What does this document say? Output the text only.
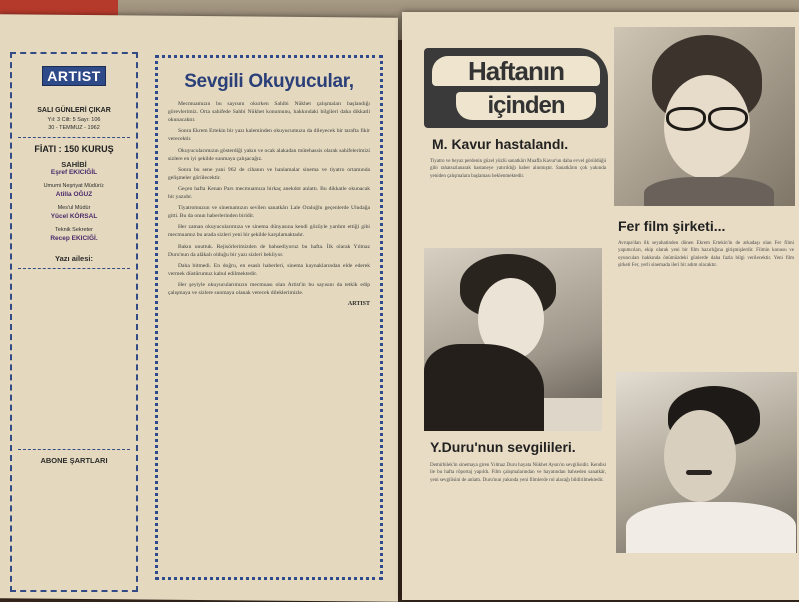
ARTIST

SALI GÜNLERİ ÇIKAR
Yıl: 3 Cilt: 5 Sayı: 106
30 - TEMMUZ - 1962
FİATI : 150 KURUŞ
SAHİBİ
Eşref EKICIĞİL
Umumi Neşriyat Müdürü:
Atilla OĞUZ
Mes'ul Müdür
Yücel KÖRSAL
Teknik Sekreter
Recep EKICIĞİ.
Yazı ailesi:
ABONE ŞARTLARI
Sevgili Okuyucular,

Mecmuamızın bu sayısını okurken Sahibi Nükhet çalışmaları başlandığı görevlerimiz. Orta sahifede Sahbi Nükhet konumunu, hakkındaki bilgileri daha dikkatli okunacaktır.

Sonra Ekrem Ertekin bir yazı kaleminden okuyucumuzu da dileyecek bir tarafta fikir verecektir.

Okuyucularımızın gösterdiği yakın ve ocak alakadan mütehassis olarak sahifelerimizi sizlere en iyi şekilde sunmaya çalışacağız.

Sonra bu sene yani 962 de cihanın ve hanlamalar sinema ve tiyatro ortamında gelişmeler görülecektir.

Geçen hafta Kenan Pars mecmuamıza birkaç anekdot anlattı. Bu dikkatle okunacak bir yazıdır.

Tiyatromuzun ve sinemamızın sevilen sanatkârı Lale Oraloğlu geçenlerde Uludağa gitti. Bu da onun haberlerinden biridir.

Her zaman okuyucularımıza ve sinema dünyasına kendi gözüyle yardım ettiği gibi mecmuamız bu arada sizleri yeni bir şekilde karşılamaktadır.

Bakın unuttuk. Rejisörlerimizden de bahsediyoruz bu hafta. İlk olarak Yılmaz Duru'nun da alâkalı olduğu bir yazı sizleri bekliyor.

Daha bitmedi. En doğru, en esaslı haberleri, sinema kaynaklarından elde ederek vermek düstûrumuz kabul edilmektedir.

Her şeyiyle okuyucularımızın mecmuası olan Artist'in bu sayısını da tetkik edip çalışmaya ve sizlere sunmaya olanak verecek dileklerimizle.

ARTIST
Haftanın
içinden
M. Kavur hastalandı.
Tiyatro ve beyaz perdenin güzel yüzlü sanatkârı Muaffa Kavur'un daha evvel görüldüğü gibi rahatsızlanarak hastaneye yatırıldığı haber alınmıştır. Sanatkârın çok yakında yeniden çalışmalara başlaması beklenmektedir.
Fer film şirketi...
Avrupa'dan ilk seyahatinden dönen Ekrem Ertekin'in de arkadaşı olan Fer filmi yapımcıları, ekip olarak yeni bir film hazırlığına girişmişlerdir. Filmin konusu ve oyuncuları hakkında önümüzdeki günlerde daha fazla bilgi verilecektir. Yeni film şirketi Fer, yerli sinemada ileri bir adım olacaktır.
Y.Duru'nun sevgilileri.
Demirbilek'in sinemaya giren Yılmaz Duru hayata Nükhet Aysın'ın sevgilisidir. Kendisi ile bu hafta röportaj yapıldı. Film çalışmalarından ve hayatından bahseden sanatkâr, yeni sevgilisini de anlattı. Duru'nun yakında yeni filmlerde rol alacağı bildirilmektedir.
